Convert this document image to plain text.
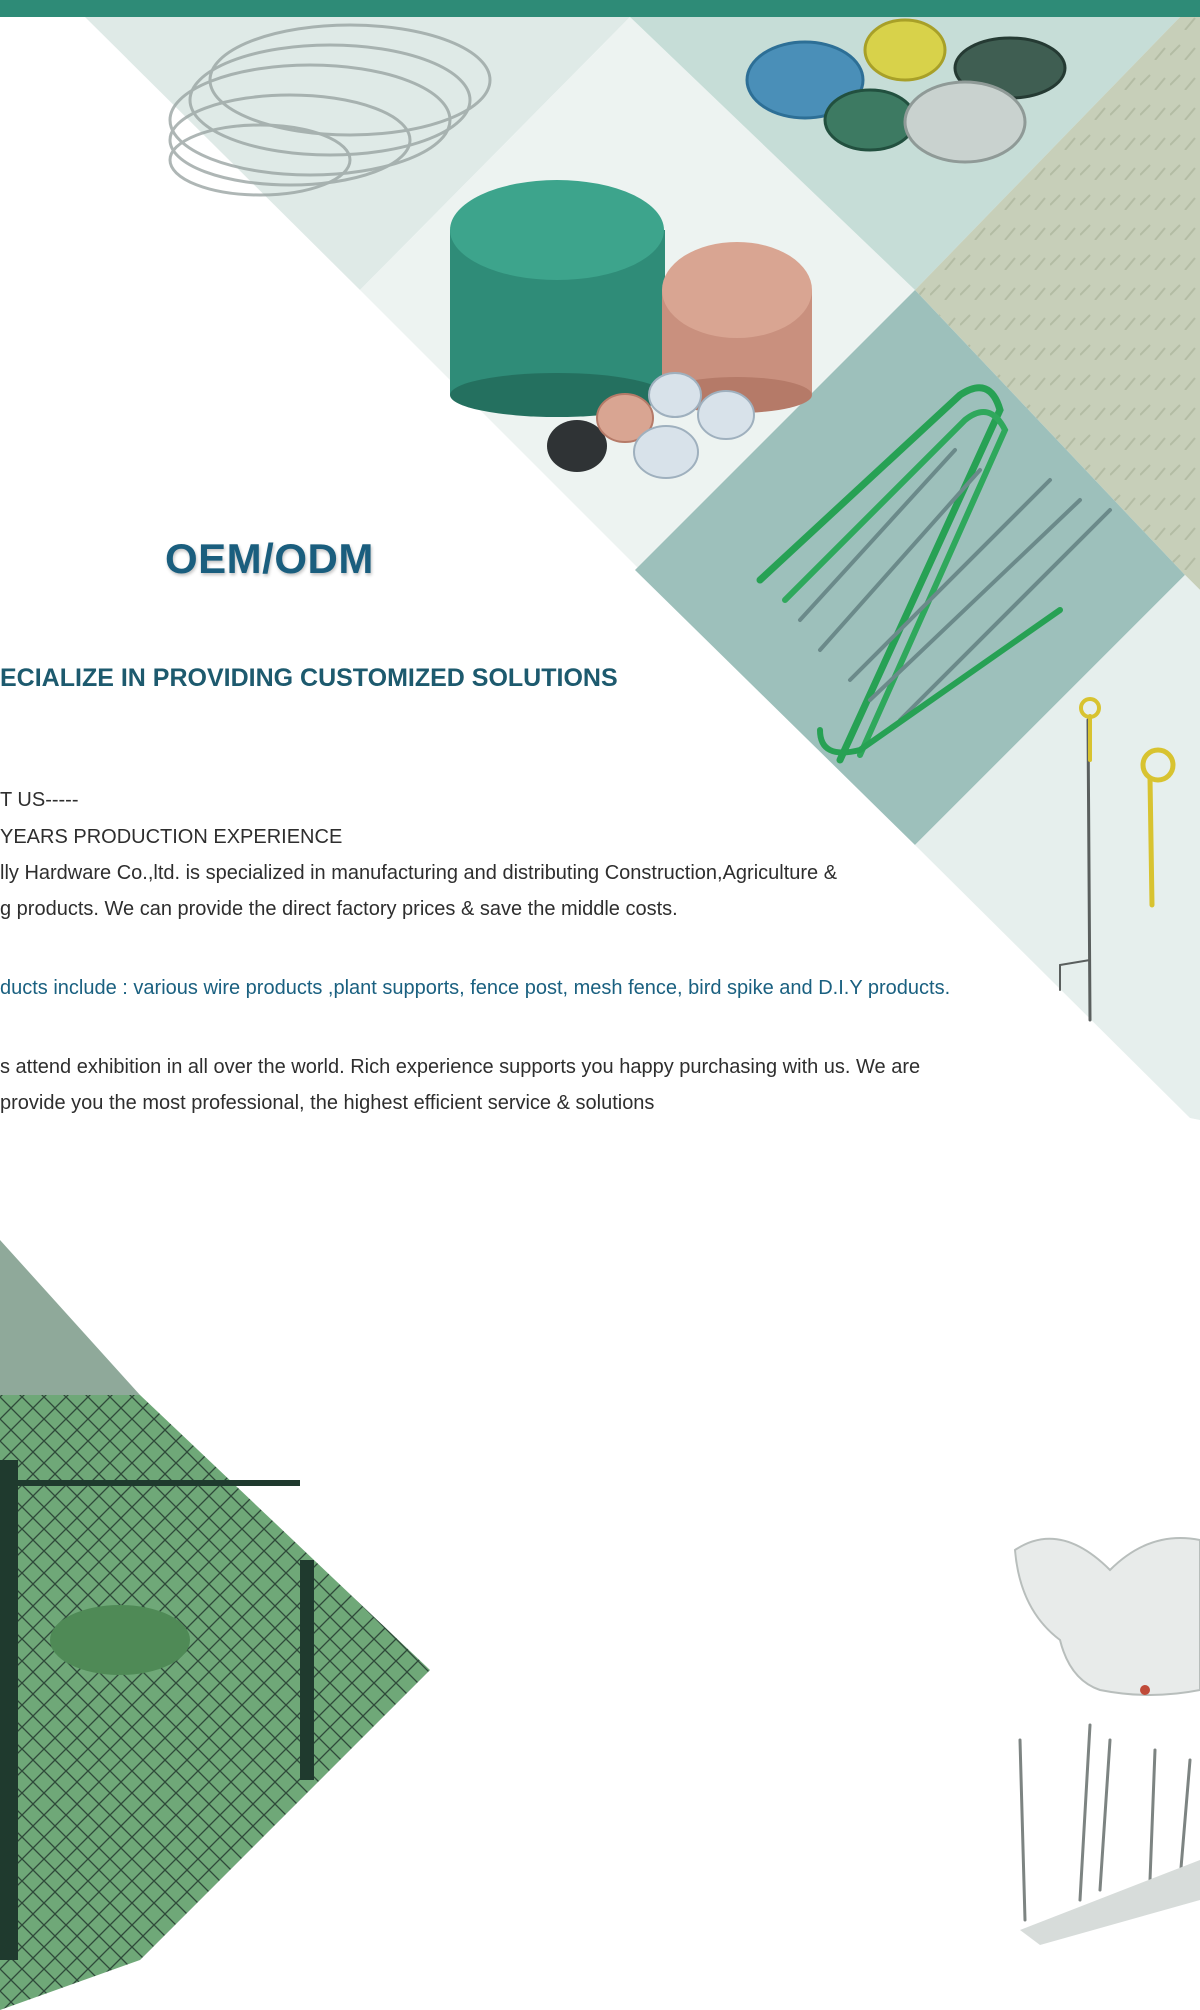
OEM/ODM
ECIALIZE IN PROVIDING CUSTOMIZED SOLUTIONS

T US-----

YEARS PRODUCTION EXPERIENCE

lly Hardware Co.,ltd. is specialized in manufacturing and distributing Construction,Agriculture &

g products. We can provide the direct factory prices & save the middle costs.

ducts include : various wire products ,plant supports, fence post, mesh fence, bird spike and D.I.Y products.

s attend exhibition in all over the world. Rich experience supports you happy purchasing with us. We are

provide you the most professional, the highest efficient service & solutions
